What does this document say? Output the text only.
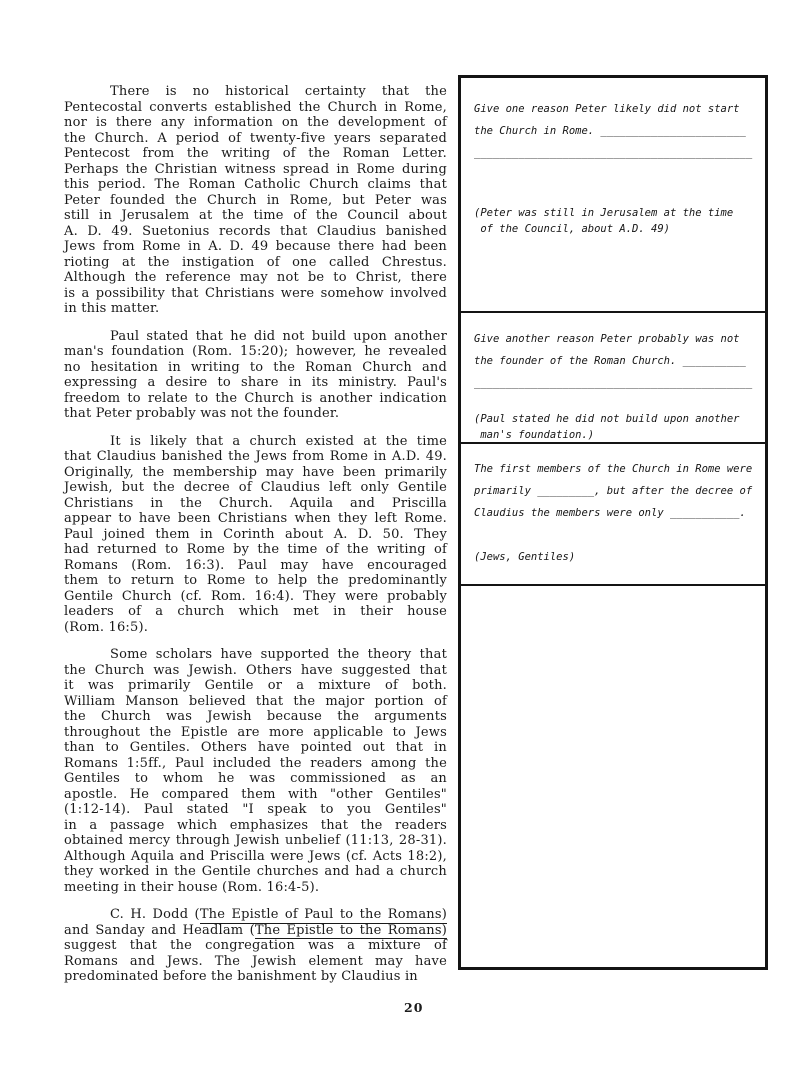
There is no historical certainty that the
Pentecostal converts established the Church in Rome,
nor is there any information on the development of
the Church. A period of twenty-five years separated
Pentecost from the writing of the Roman Letter.
Perhaps the Christian witness spread in Rome during
this period. The Roman Catholic Church claims that
Peter founded the Church in Rome, but Peter was
still in Jerusalem at the time of the Council about
A. D. 49. Suetonius records that Claudius banished
Jews from Rome in A. D. 49 because there had been
rioting at the instigation of one called Chrestus.
Although the reference may not be to Christ, there
is a possibility that Christians were somehow involved
in this matter.
Paul stated that he did not build upon another
man's foundation (Rom. 15:20); however, he revealed
no hesitation in writing to the Roman Church and
expressing a desire to share in its ministry. Paul's
freedom to relate to the Church is another indication
that Peter probably was not the founder.
It is likely that a church existed at the time
that Claudius banished the Jews from Rome in A.D. 49.
Originally, the membership may have been primarily
Jewish, but the decree of Claudius left only Gentile
Christians in the Church. Aquila and Priscilla
appear to have been Christians when they left Rome.
Paul joined them in Corinth about A. D. 50. They
had returned to Rome by the time of the writing of
Romans (Rom. 16:3). Paul may have encouraged
them to return to Rome to help the predominantly
Gentile Church (cf. Rom. 16:4). They were probably
leaders of a church which met in their house
(Rom. 16:5).
Some scholars have supported the theory that
the Church was Jewish. Others have suggested that
it was primarily Gentile or a mixture of both.
William Manson believed that the major portion of
the Church was Jewish because the arguments
throughout the Epistle are more applicable to Jews
than to Gentiles. Others have pointed out that in
Romans 1:5ff., Paul included the readers among the
Gentiles to whom he was commissioned as an
apostle. He compared them with "other Gentiles"
(1:12-14). Paul stated "I speak to you Gentiles"
in a passage which emphasizes that the readers
obtained mercy through Jewish unbelief (11:13, 28-31).
Although Aquila and Priscilla were Jews (cf. Acts 18:2),
they worked in the Gentile churches and had a church
meeting in their house (Rom. 16:4-5).
C. H. Dodd (The Epistle of Paul to the Romans)
and Sanday and Headlam (The Epistle to the Romans)
suggest that the congregation was a mixture of
Romans and Jews. The Jewish element may have
predominated before the banishment by Claudius in
Give one reason Peter likely did not start
the Church in Rome. _______________________
____________________________________________
(Peter was still in Jerusalem at the time
of the Council, about A.D. 49)
Give another reason Peter probably was not
the founder of the Roman Church. __________
____________________________________________
(Paul stated he did not build upon another
man's foundation.)
The first members of the Church in Rome were
primarily _________, but after the decree of
Claudius the members were only ___________.
(Jews, Gentiles)
20
